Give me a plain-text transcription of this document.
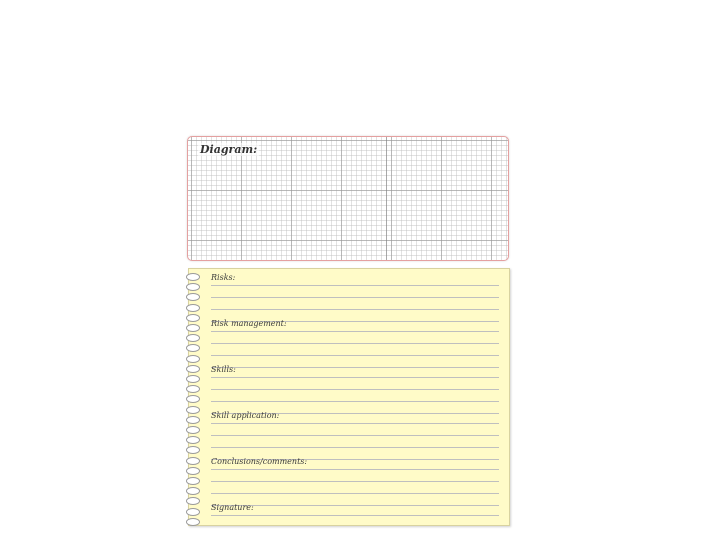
Diagram:
Risks:
Risk management:
Skills:
Skill application:
Conclusions/comments:
Signature:
